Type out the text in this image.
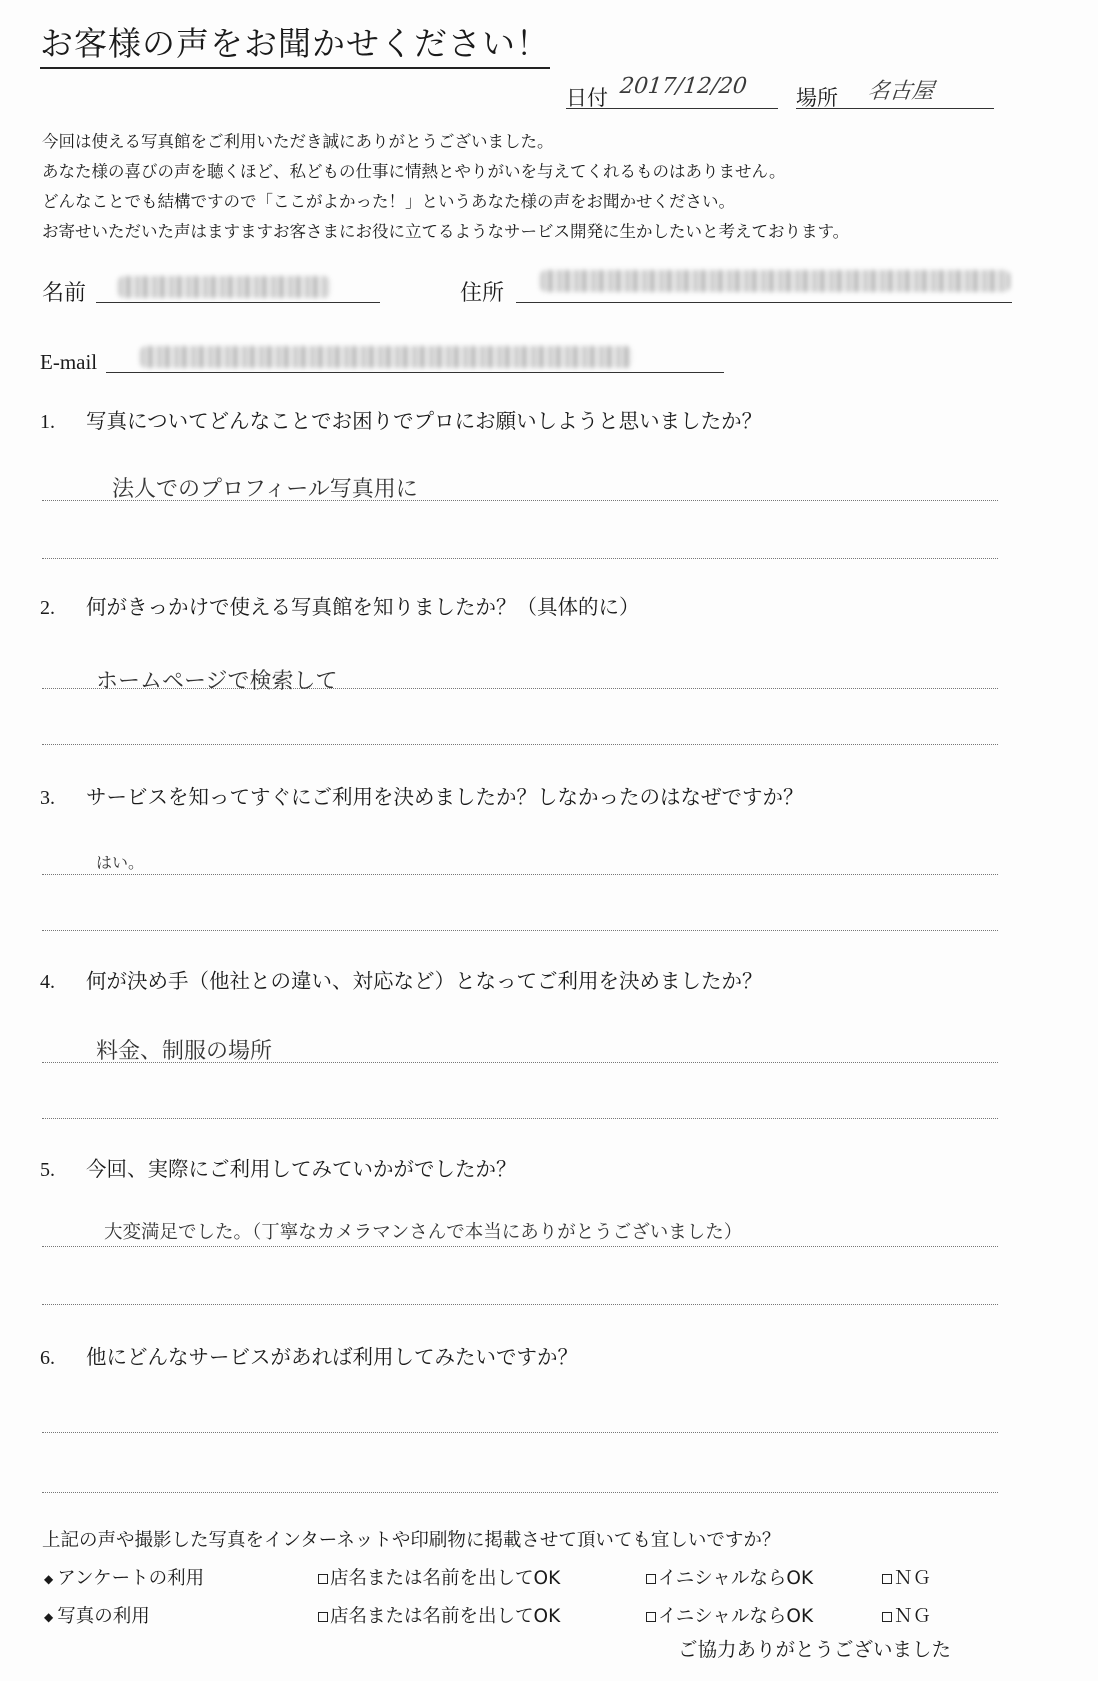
お客様の声をお聞かせください！
日付 2017/12/20 場所 名古屋
今回は使える写真館をご利用いただき誠にありがとうございました。
あなた様の喜びの声を聴くほど、私どもの仕事に情熱とやりがいを与えてくれるものはありません。
どんなことでも結構ですので「ここがよかった！」というあなた様の声をお聞かせください。
お寄せいただいた声はますますお客さまにお役に立てるようなサービス開発に生かしたいと考えております。
名前	住所
E-mail
1. 写真についてどんなことでお困りでプロにお願いしようと思いましたか？
法人でのプロフィール写真用に
2. 何がきっかけで使える写真館を知りましたか？（具体的に）
ホームページで検索して
3. サービスを知ってすぐにご利用を決めましたか？しなかったのはなぜですか？
はい。
4. 何が決め手（他社との違い、対応など）となってご利用を決めましたか？
料金、制服の場所
5. 今回、実際にご利用してみていかがでしたか？
大変満足でした。（丁寧なカメラマンさんで本当にありがとうございました）
6. 他にどんなサービスがあれば利用してみたいですか？
上記の声や撮影した写真をインターネットや印刷物に掲載させて頂いても宜しいですか？
◆ アンケートの利用	店名または名前を出してOK	イニシャルならOK	ＮＧ
◆ 写真の利用	店名または名前を出してOK	イニシャルならOK	ＮＧ
ご協力ありがとうございました
